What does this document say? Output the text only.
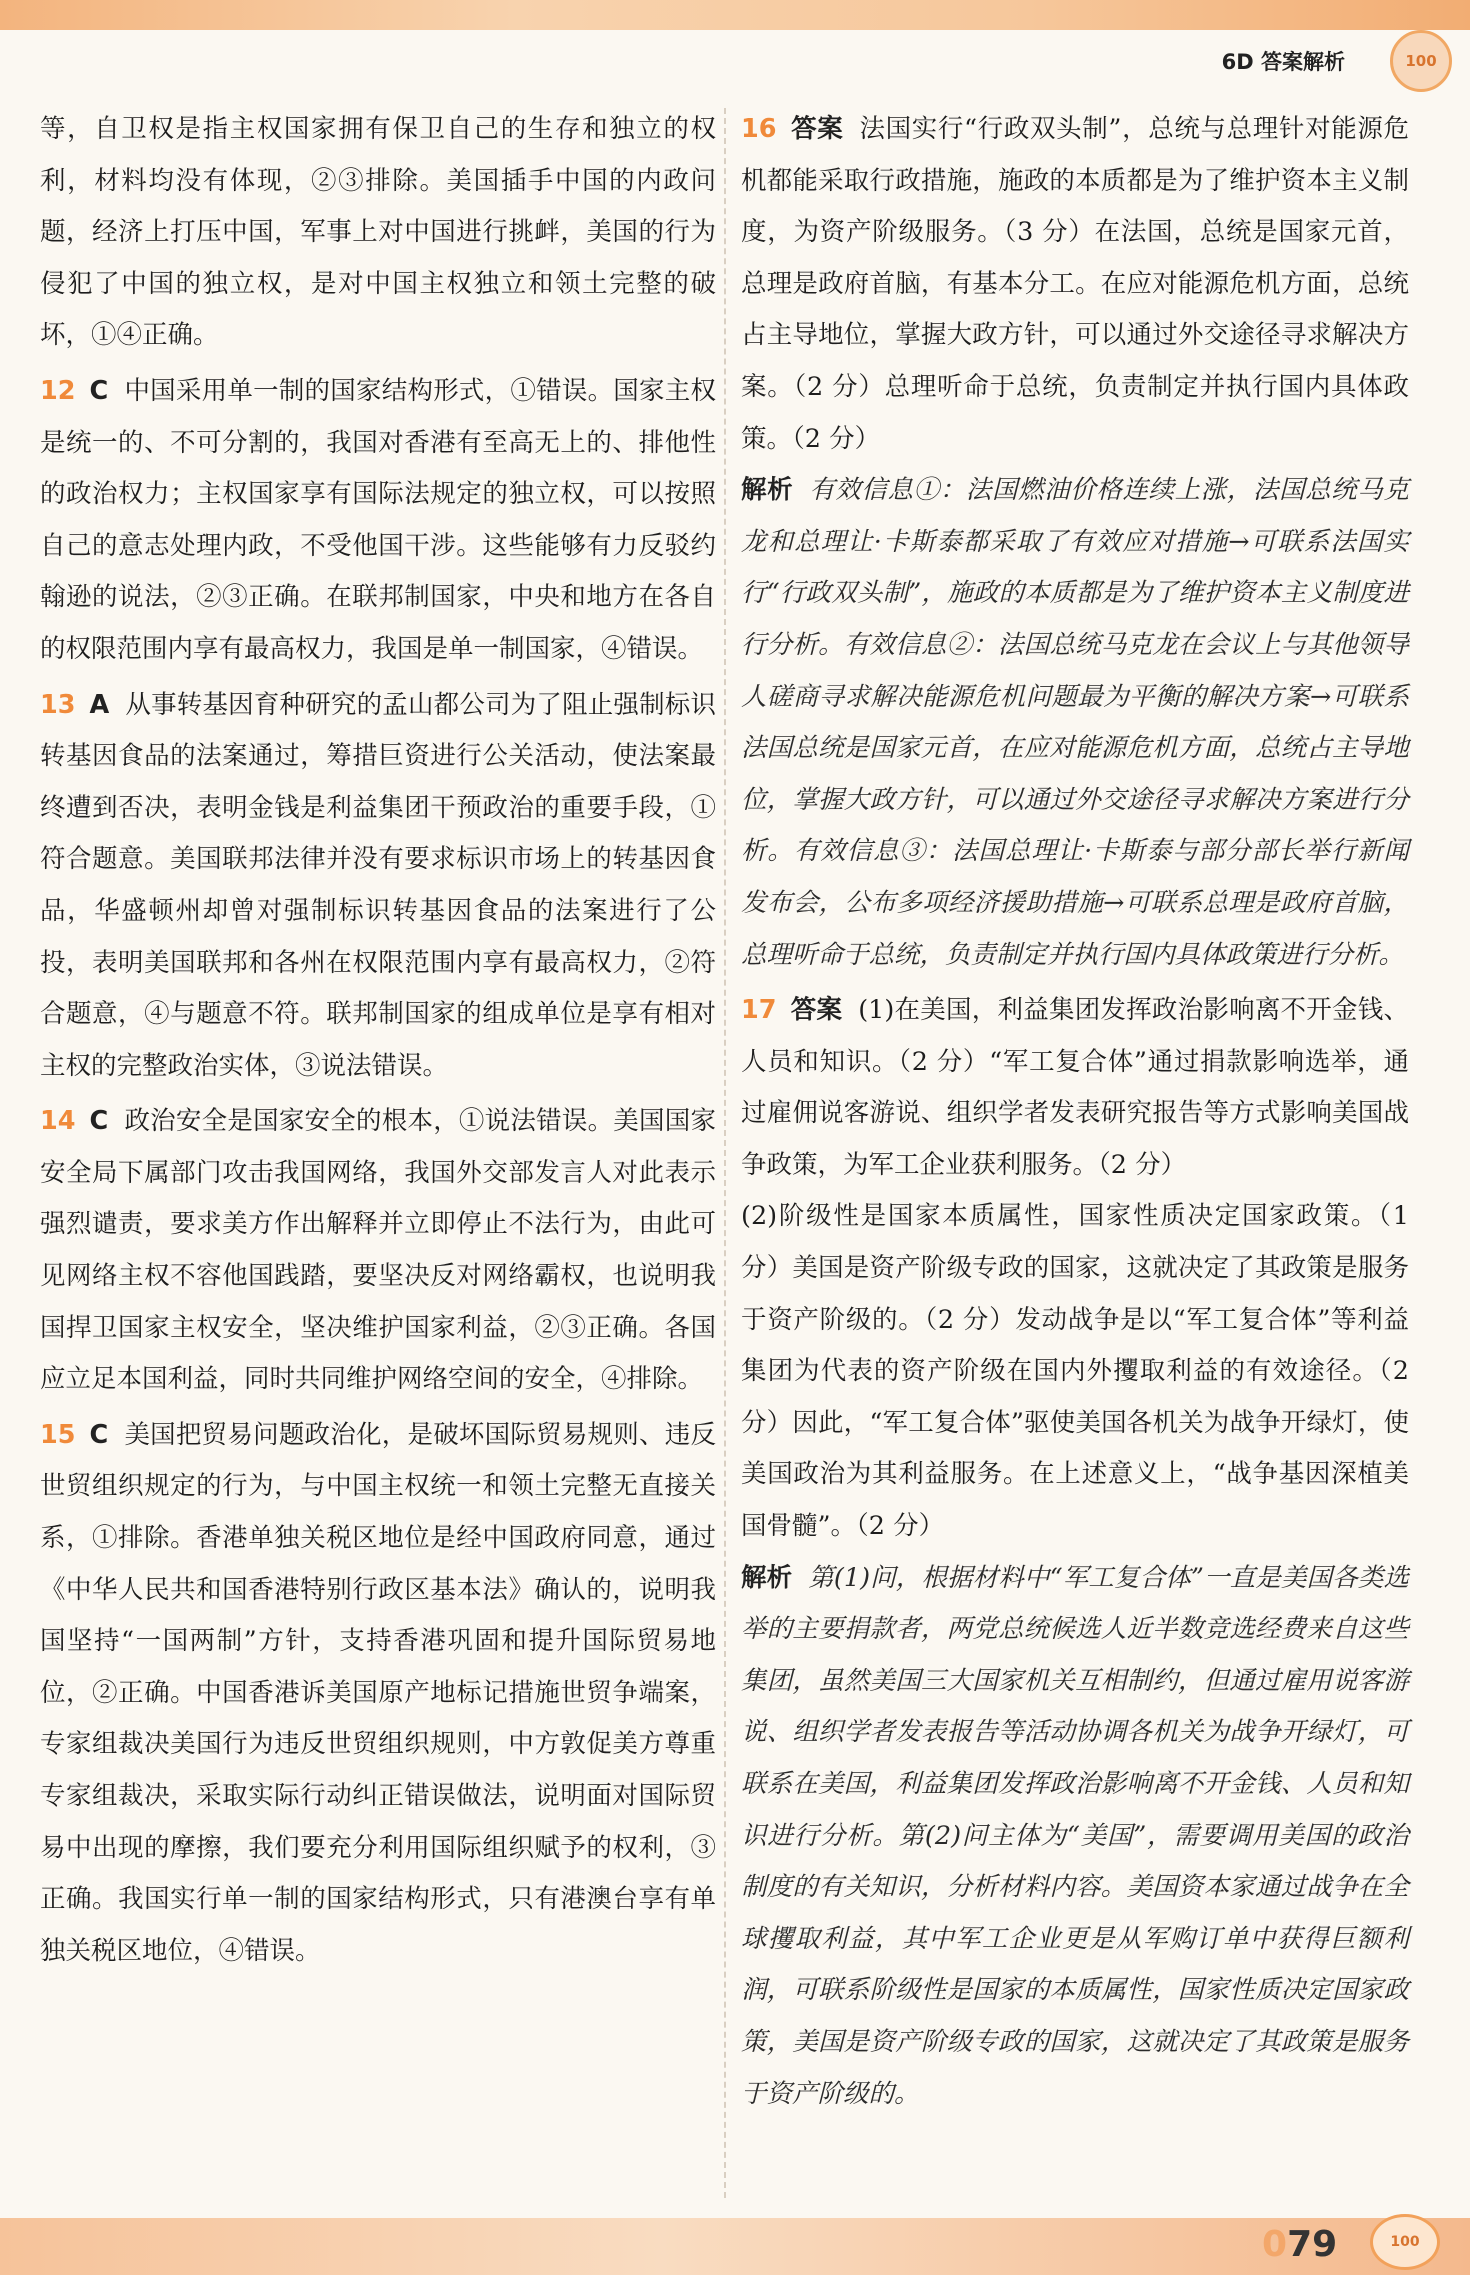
6D 答案解析	100

等，自卫权是指主权国家拥有保卫自己的生存和独立的权利，材料均没有体现，②③排除。美国插手中国的内政问题，经济上打压中国，军事上对中国进行挑衅，美国的行为侵犯了中国的独立权，是对中国主权独立和领土完整的破坏，①④正确。

12 C 中国采用单一制的国家结构形式，①错误。国家主权是统一的、不可分割的，我国对香港有至高无上的、排他性的政治权力；主权国家享有国际法规定的独立权，可以按照自己的意志处理内政，不受他国干涉。这些能够有力反驳约翰逊的说法，②③正确。在联邦制国家，中央和地方在各自的权限范围内享有最高权力，我国是单一制国家，④错误。

13 A 从事转基因育种研究的孟山都公司为了阻止强制标识转基因食品的法案通过，筹措巨资进行公关活动，使法案最终遭到否决，表明金钱是利益集团干预政治的重要手段，①符合题意。美国联邦法律并没有要求标识市场上的转基因食品，华盛顿州却曾对强制标识转基因食品的法案进行了公投，表明美国联邦和各州在权限范围内享有最高权力，②符合题意，④与题意不符。联邦制国家的组成单位是享有相对主权的完整政治实体，③说法错误。

14 C 政治安全是国家安全的根本，①说法错误。美国国家安全局下属部门攻击我国网络，我国外交部发言人对此表示强烈谴责，要求美方作出解释并立即停止不法行为，由此可见网络主权不容他国践踏，要坚决反对网络霸权，也说明我国捍卫国家主权安全，坚决维护国家利益，②③正确。各国应立足本国利益，同时共同维护网络空间的安全，④排除。

15 C 美国把贸易问题政治化，是破坏国际贸易规则、违反世贸组织规定的行为，与中国主权统一和领土完整无直接关系，①排除。香港单独关税区地位是经中国政府同意，通过《中华人民共和国香港特别行政区基本法》确认的，说明我国坚持“一国两制”方针，支持香港巩固和提升国际贸易地位，②正确。中国香港诉美国原产地标记措施世贸争端案，专家组裁决美国行为违反世贸组织规则，中方敦促美方尊重专家组裁决，采取实际行动纠正错误做法，说明面对国际贸易中出现的摩擦，我们要充分利用国际组织赋予的权利，③正确。我国实行单一制的国家结构形式，只有港澳台享有单独关税区地位，④错误。

16 答案 法国实行“行政双头制”，总统与总理针对能源危机都能采取行政措施，施政的本质都是为了维护资本主义制度，为资产阶级服务。（3 分）在法国，总统是国家元首，总理是政府首脑，有基本分工。在应对能源危机方面，总统占主导地位，掌握大政方针，可以通过外交途径寻求解决方案。（2 分）总理听命于总统，负责制定并执行国内具体政策。（2 分）

解析 有效信息①：法国燃油价格连续上涨，法国总统马克龙和总理让·卡斯泰都采取了有效应对措施→可联系法国实行“行政双头制”，施政的本质都是为了维护资本主义制度进行分析。有效信息②：法国总统马克龙在会议上与其他领导人磋商寻求解决能源危机问题最为平衡的解决方案→可联系法国总统是国家元首，在应对能源危机方面，总统占主导地位，掌握大政方针，可以通过外交途径寻求解决方案进行分析。有效信息③：法国总理让·卡斯泰与部分部长举行新闻发布会，公布多项经济援助措施→可联系总理是政府首脑，总理听命于总统，负责制定并执行国内具体政策进行分析。

17 答案 (1)在美国，利益集团发挥政治影响离不开金钱、人员和知识。（2 分）“军工复合体”通过捐款影响选举，通过雇佣说客游说、组织学者发表研究报告等方式影响美国战争政策，为军工企业获利服务。（2 分）

(2)阶级性是国家本质属性，国家性质决定国家政策。（1 分）美国是资产阶级专政的国家，这就决定了其政策是服务于资产阶级的。（2 分）发动战争是以“军工复合体”等利益集团为代表的资产阶级在国内外攫取利益的有效途径。（2 分）因此，“军工复合体”驱使美国各机关为战争开绿灯，使美国政治为其利益服务。在上述意义上，“战争基因深植美国骨髓”。（2 分）

解析 第(1)问，根据材料中“军工复合体”一直是美国各类选举的主要捐款者，两党总统候选人近半数竞选经费来自这些集团，虽然美国三大国家机关互相制约，但通过雇用说客游说、组织学者发表报告等活动协调各机关为战争开绿灯，可联系在美国，利益集团发挥政治影响离不开金钱、人员和知识进行分析。第(2)问主体为“美国”，需要调用美国的政治制度的有关知识，分析材料内容。美国资本家通过战争在全球攫取利益，其中军工企业更是从军购订单中获得巨额利润，可联系阶级性是国家的本质属性，国家性质决定国家政策，美国是资产阶级专政的国家，这就决定了其政策是服务于资产阶级的。

079	100
